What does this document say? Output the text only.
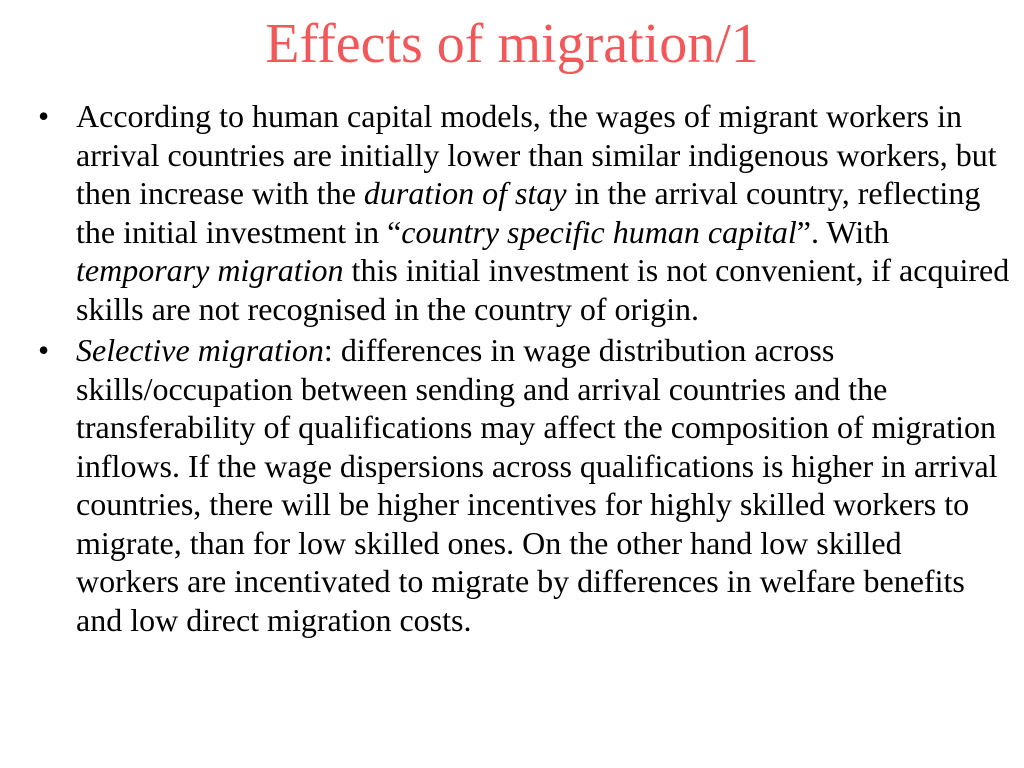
Effects of migration/1
• According to human capital models, the wages of migrant workers in arrival countries are initially lower than similar indigenous workers, but then increase with the duration of stay in the arrival country, reflecting the initial investment in “country specific human capital”. With temporary migration this initial investment is not convenient, if acquired skills are not recognised in the country of origin.
• Selective migration: differences in wage distribution across skills/occupation between sending and arrival countries and the transferability of qualifications may affect the composition of migration inflows. If the wage dispersions across qualifications is higher in arrival countries, there will be higher incentives for highly skilled workers to migrate, than for low skilled ones. On the other hand low skilled workers are incentivated to migrate by differences in welfare benefits and low direct migration costs.
